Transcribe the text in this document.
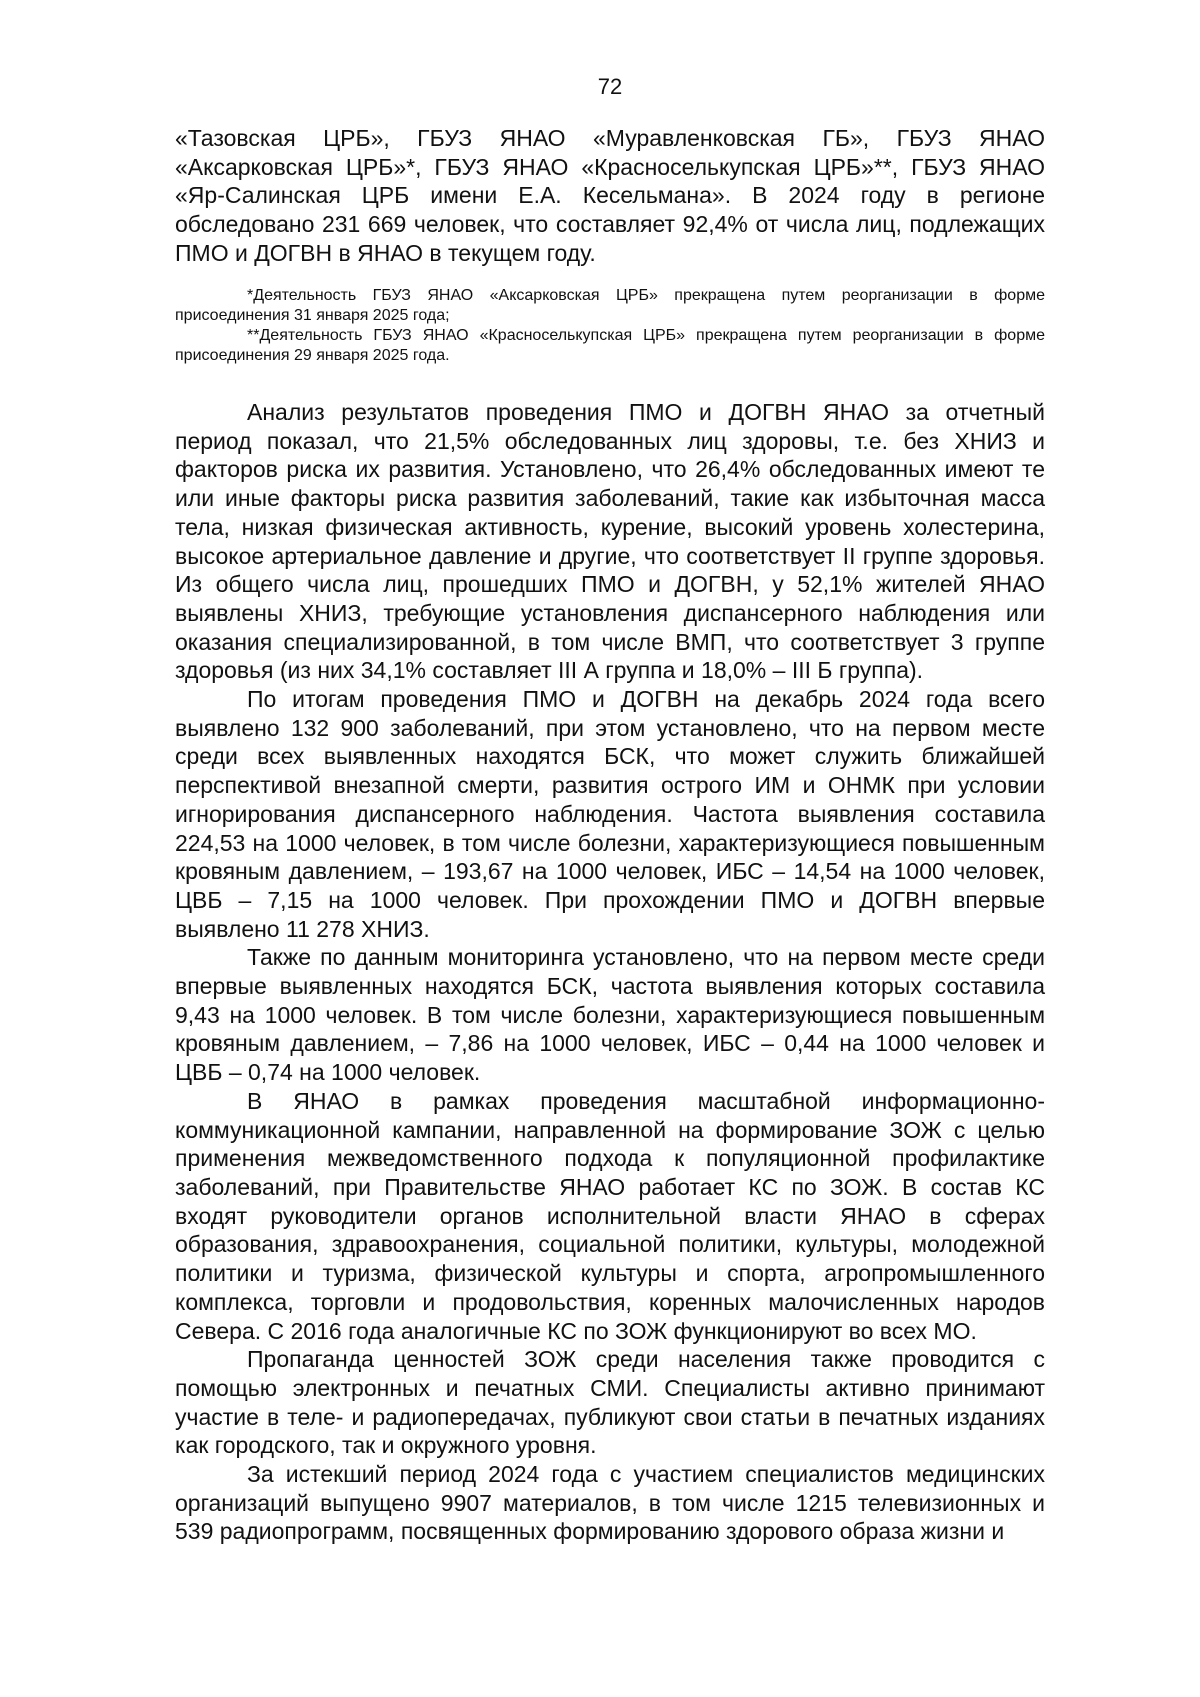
72

«Тазовская ЦРБ», ГБУЗ ЯНАО «Муравленковская ГБ», ГБУЗ ЯНАО «Аксарковская ЦРБ»*, ГБУЗ ЯНАО «Красноселькупская ЦРБ»**, ГБУЗ ЯНАО «Яр-Салинская ЦРБ имени Е.А. Кесельмана». В 2024 году в регионе обследовано 231 669 человек, что составляет 92,4% от числа лиц, подлежащих ПМО и ДОГВН в ЯНАО в текущем году.

*Деятельность ГБУЗ ЯНАО «Аксарковская ЦРБ» прекращена путем реорганизации в форме присоединения 31 января 2025 года;

**Деятельность ГБУЗ ЯНАО «Красноселькупская ЦРБ» прекращена путем реорганизации в форме присоединения 29 января 2025 года.

Анализ результатов проведения ПМО и ДОГВН ЯНАО за отчетный период показал, что 21,5% обследованных лиц здоровы, т.е. без ХНИЗ и факторов риска их развития. Установлено, что 26,4% обследованных имеют те или иные факторы риска развития заболеваний, такие как избыточная масса тела, низкая физическая активность, курение, высокий уровень холестерина, высокое артериальное давление и другие, что соответствует II группе здоровья. Из общего числа лиц, прошедших ПМО и ДОГВН, у 52,1% жителей ЯНАО выявлены ХНИЗ, требующие установления диспансерного наблюдения или оказания специализированной, в том числе ВМП, что соответствует 3 группе здоровья (из них 34,1% составляет III А группа и 18,0% – III Б группа).

По итогам проведения ПМО и ДОГВН на декабрь 2024 года всего выявлено 132 900 заболеваний, при этом установлено, что на первом месте среди всех выявленных находятся БСК, что может служить ближайшей перспективой внезапной смерти, развития острого ИМ и ОНМК при условии игнорирования диспансерного наблюдения. Частота выявления составила 224,53 на 1000 человек, в том числе болезни, характеризующиеся повышенным кровяным давлением, – 193,67 на 1000 человек, ИБС – 14,54 на 1000 человек, ЦВБ – 7,15 на 1000 человек. При прохождении ПМО и ДОГВН впервые выявлено 11 278 ХНИЗ.

Также по данным мониторинга установлено, что на первом месте среди впервые выявленных находятся БСК, частота выявления которых составила 9,43 на 1000 человек. В том числе болезни, характеризующиеся повышенным кровяным давлением, – 7,86 на 1000 человек, ИБС – 0,44 на 1000 человек и ЦВБ – 0,74 на 1000 человек.

В ЯНАО в рамках проведения масштабной информационно-коммуникационной кампании, направленной на формирование ЗОЖ с целью применения межведомственного подхода к популяционной профилактике заболеваний, при Правительстве ЯНАО работает КС по ЗОЖ. В состав КС входят руководители органов исполнительной власти ЯНАО в сферах образования, здравоохранения, социальной политики, культуры, молодежной политики и туризма, физической культуры и спорта, агропромышленного комплекса, торговли и продовольствия, коренных малочисленных народов Севера. С 2016 года аналогичные КС по ЗОЖ функционируют во всех МО.

Пропаганда ценностей ЗОЖ среди населения также проводится с помощью электронных и печатных СМИ. Специалисты активно принимают участие в теле- и радиопередачах, публикуют свои статьи в печатных изданиях как городского, так и окружного уровня.

За истекший период 2024 года с участием специалистов медицинских организаций выпущено 9907 материалов, в том числе 1215 телевизионных и 539 радиопрограмм, посвященных формированию здорового образа жизни и
